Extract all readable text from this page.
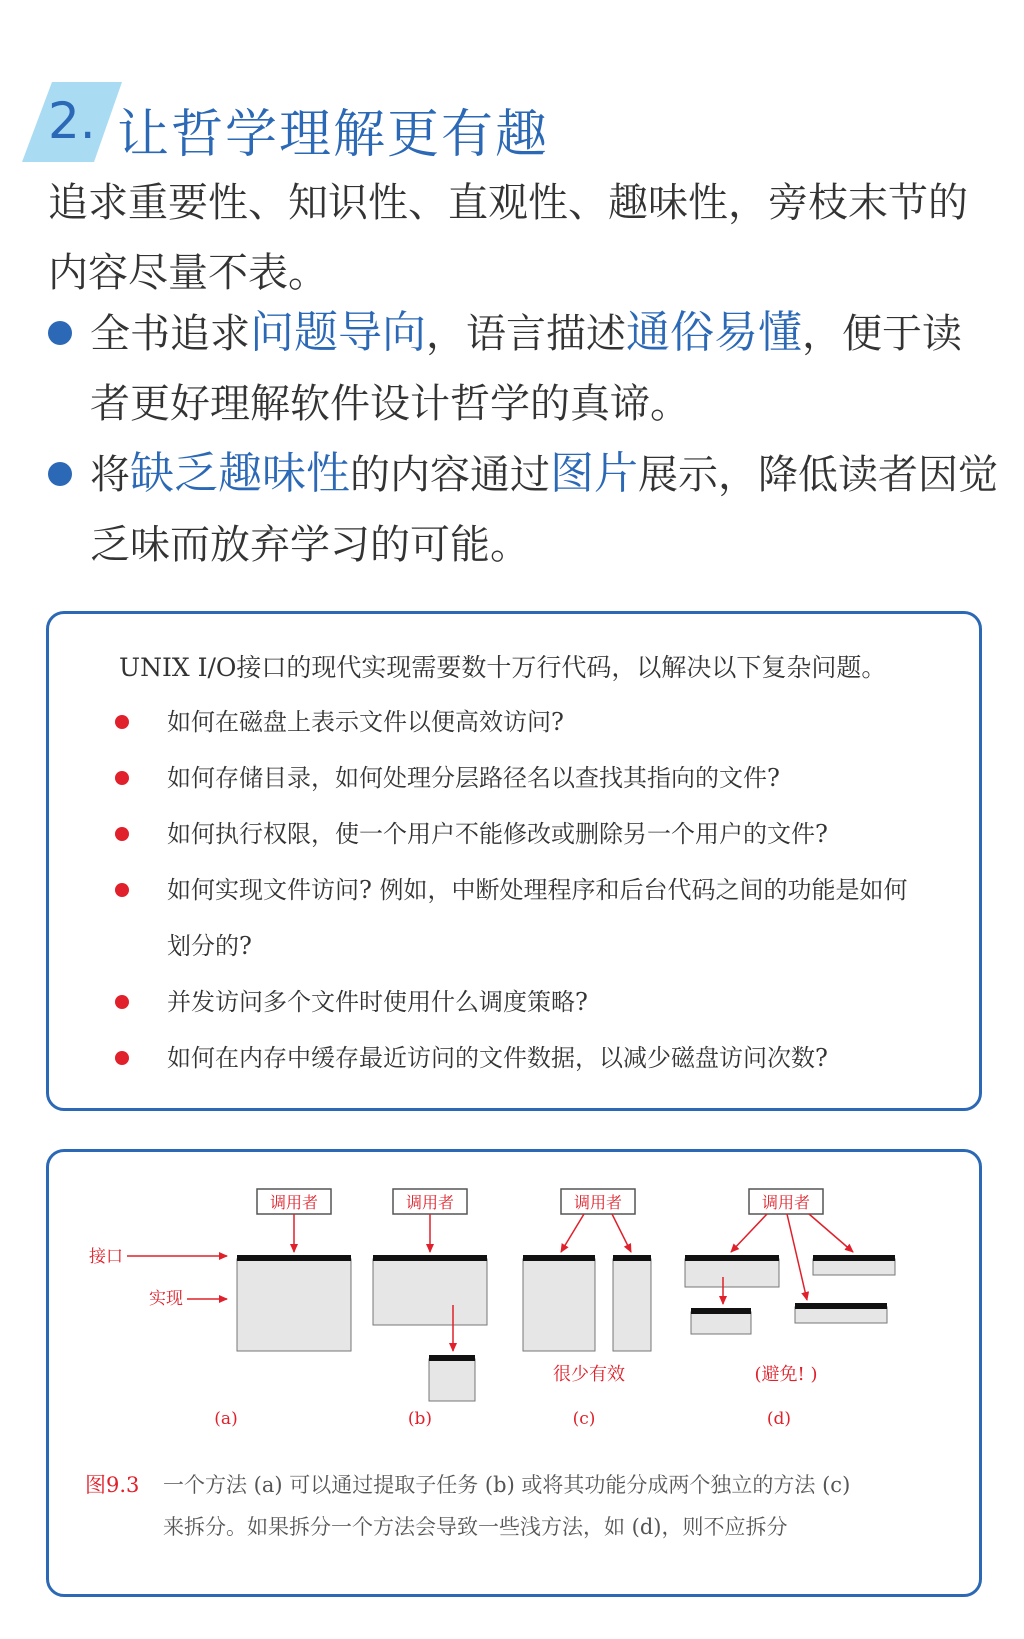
2. 让哲学理解更有趣
追求重要性、知识性、直观性、趣味性，旁枝末节的内容尽量不表。
全书追求问题导向，语言描述通俗易懂，便于读者更好理解软件设计哲学的真谛。
将缺乏趣味性的内容通过图片展示，降低读者因觉乏味而放弃学习的可能。
UNIX I/O接口的现代实现需要数十万行代码，以解决以下复杂问题。
如何在磁盘上表示文件以便高效访问?
如何存储目录，如何处理分层路径名以查找其指向的文件?
如何执行权限，使一个用户不能修改或删除另一个用户的文件?
如何实现文件访问? 例如，中断处理程序和后台代码之间的功能是如何划分的?
并发访问多个文件时使用什么调度策略?
如何在内存中缓存最近访问的文件数据，以减少磁盘访问次数?
调用者
接口
实现
(a)
调用者
(b)
调用者
很少有效
(c)
调用者
(避免! )
(d)
图9.3 一个方法 (a) 可以通过提取子任务 (b) 或将其功能分成两个独立的方法 (c)
来拆分。如果拆分一个方法会导致一些浅方法，如 (d)，则不应拆分
